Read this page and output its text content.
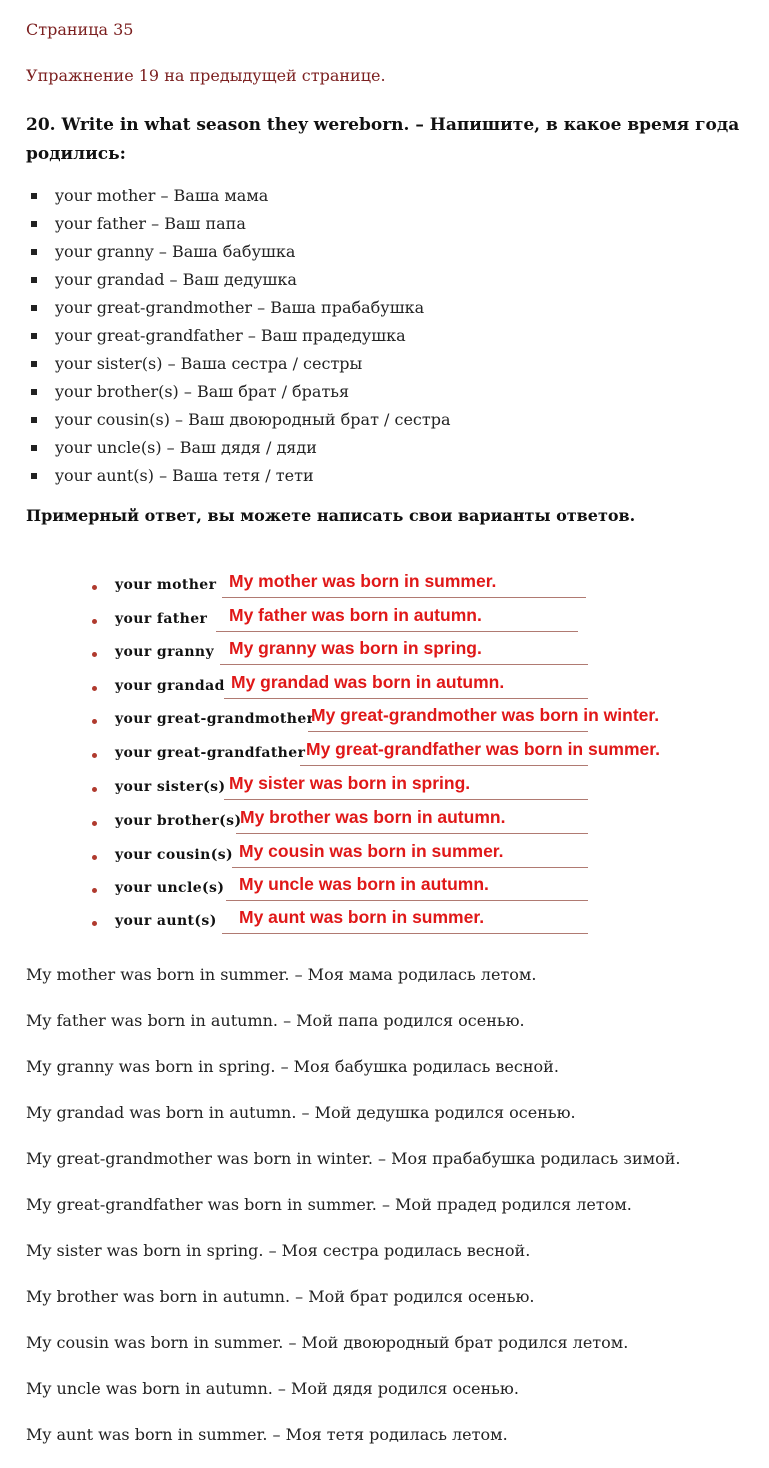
Страница 35
Упражнение 19 на предыдущей странице.
20. Write in what season they wereborn. – Напишите, в какое время года родились:
your mother – Ваша мама
your father – Ваш папа
your granny – Ваша бабушка
your grandad – Ваш дедушка
your great-grandmother – Ваша прабабушка
your great-grandfather – Ваш прадедушка
your sister(s) – Ваша сестра / сестры
your brother(s) – Ваш брат / братья
your cousin(s) – Ваш двоюродный брат / сестра
your uncle(s) – Ваш дядя / дяди
your aunt(s) – Ваша тетя / тети
Примерный ответ, вы можете написать свои варианты ответов.
your mother My mother was born in summer.
your father My father was born in autumn.
your granny My granny was born in spring.
your grandad My grandad was born in autumn.
your great-grandmother
My great-grandmother was born in winter.
your great-grandfather My great-grandfather was born in summer.
your sister(s) My sister was born in spring.
your brother(s)
My brother was born in autumn.
your cousin(s) My cousin was born in summer.
your uncle(s) My uncle was born in autumn.
your aunt(s) My aunt was born in summer.
My mother was born in summer. – Моя мама родилась летом.
My father was born in autumn. – Мой папа родился осенью.
My granny was born in spring. – Моя бабушка родилась весной.
My grandad was born in autumn. – Мой дедушка родился осенью.
My great-grandmother was born in winter. – Моя прабабушка родилась зимой.
My great-grandfather was born in summer. – Мой прадед родился летом.
My sister was born in spring. – Моя сестра родилась весной.
My brother was born in autumn. – Мой брат родился осенью.
My cousin was born in summer. – Мой двоюродный брат родился летом.
My uncle was born in autumn. – Мой дядя родился осенью.
My aunt was born in summer. – Моя тетя родилась летом.
